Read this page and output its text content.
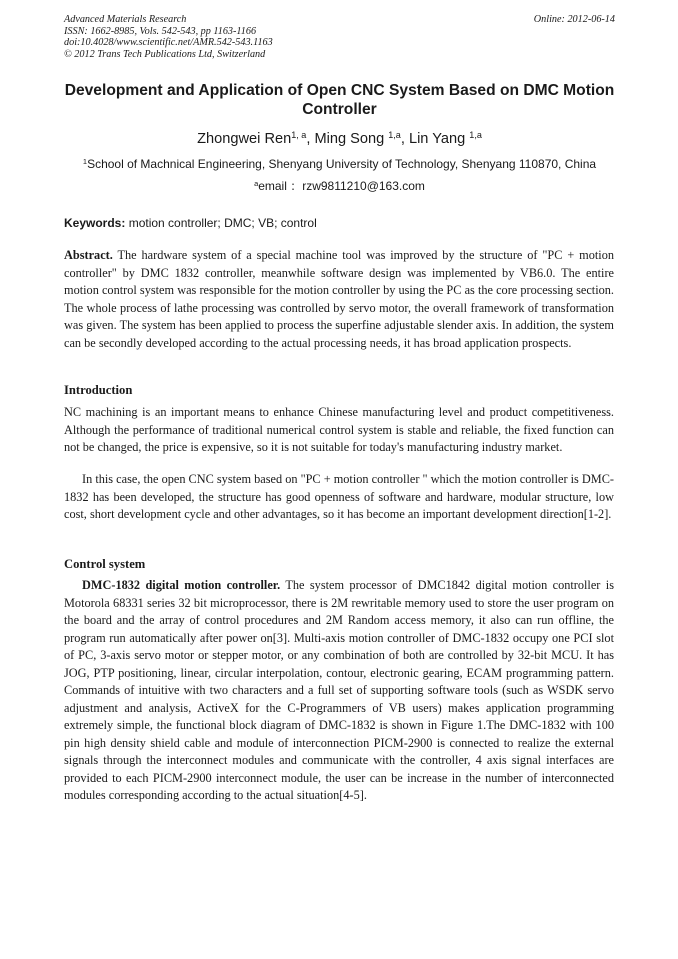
Advanced Materials Research
ISSN: 1662-8985, Vols. 542-543, pp 1163-1166
doi:10.4028/www.scientific.net/AMR.542-543.1163
© 2012 Trans Tech Publications Ltd, Switzerland
Online: 2012-06-14
Development and Application of Open CNC System Based on DMC Motion Controller
Zhongwei Ren$^{1, a}$, Ming Song $^{1,a}$, Lin Yang $^{1,a}$
$^1$School of Machnical Engineering, Shenyang University of Technology, Shenyang 110870, China
$^a$email ：rzw9811210@163.com
Keywords: motion controller; DMC; VB; control
Abstract. The hardware system of a special machine tool was improved by the structure of "PC + motion controller" by DMC 1832 controller, meanwhile software design was implemented by VB6.0. The entire motion control system was responsible for the motion controller by using the PC as the core processing section. The whole process of lathe processing was controlled by servo motor, the overall framework of transformation was given. The system has been applied to process the superfine adjustable slender axis. In addition, the system can be secondly developed according to the actual processing needs, it has broad application prospects.
Introduction
NC machining is an important means to enhance Chinese manufacturing level and product competitiveness. Although the performance of traditional numerical control system is stable and reliable, the fixed function can not be changed, the price is expensive, so it is not suitable for today's manufacturing industry market.
In this case, the open CNC system based on "PC + motion controller " which the motion controller is DMC-1832 has been developed, the structure has good openness of software and hardware, modular structure, low cost, short development cycle and other advantages, so it has become an important development direction[1-2].
Control system
DMC-1832 digital motion controller. The system processor of DMC1842 digital motion controller is Motorola 68331 series 32 bit microprocessor, there is 2M rewritable memory used to store the user program on the board and the array of control procedures and 2M Random access memory, it also can run offline, the program run automatically after power on[3]. Multi-axis motion controller of DMC-1832 occupy one PCI slot of PC, 3-axis servo motor or stepper motor, or any combination of both are controlled by 32-bit MCU. It has JOG, PTP positioning, linear, circular interpolation, contour, electronic gearing, ECAM programming pattern. Commands of intuitive with two characters and a full set of supporting software tools (such as WSDK servo adjustment and analysis, ActiveX for the C-Programmers of VB users) makes application programming extremely simple, the functional block diagram of DMC-1832 is shown in Figure 1.The DMC-1832 with 100 pin high density shield cable and module of interconnection PICM-2900 is connected to realize the external signals through the interconnect modules and communicate with the controller, 4 axis signal interfaces are provided to each PICM-2900 interconnect module, the user can be increase in the number of interconnected modules corresponding according to the actual situation[4-5].
